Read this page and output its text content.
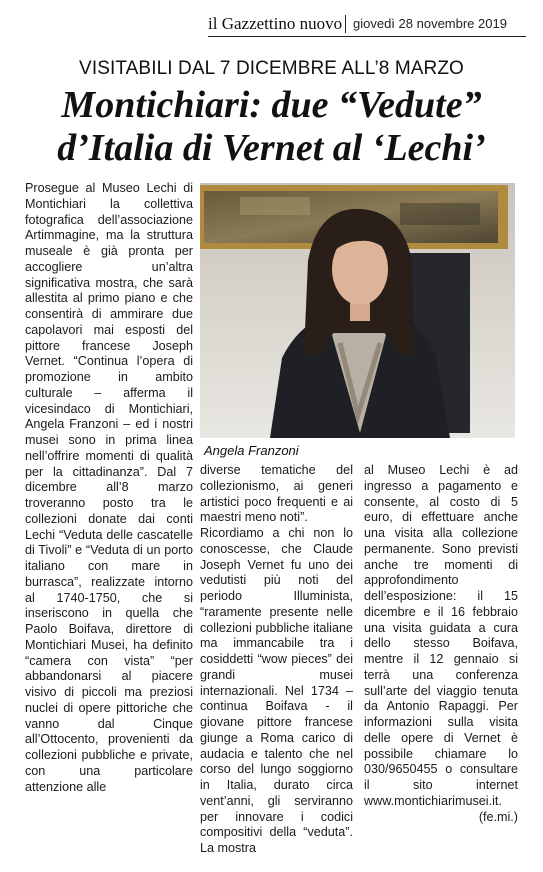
il Gazzettino nuovo giovedì 28 novembre 2019
VISITABILI DAL 7 DICEMBRE ALL’8 MARZO
Montichiari: due “Vedute”
d’Italia di Vernet al ‘Lechi’
Angela Franzoni

Prosegue al Museo Lechi di Montichiari la collettiva fotografica dell’associazione Artimmagine, ma la struttura museale è già pronta per accogliere un’altra significativa mostra, che sarà allestita al primo piano e che consentirà di ammirare due capolavori mai esposti del pittore francese Joseph Vernet. “Continua l’opera di promozione in ambito culturale – afferma il vicesindaco di Montichiari, Angela Franzoni – ed i nostri musei sono in prima linea nell’offrire momenti di qualità per la cittadinanza”. Dal 7 dicembre all’8 marzo troveranno posto tra le collezioni donate dai conti Lechi “Veduta delle cascatelle di Tivoli” e “Veduta di un porto italiano con mare in burrasca”, realizzate intorno al 1740-1750, che si inseriscono in quella che Paolo Boifava, direttore di Montichiari Musei, ha definito “camera con vista” “per abbandonarsi al piacere visivo di piccoli ma preziosi nuclei di opere pittoriche che vanno dal Cinque all’Ottocento, provenienti da collezioni pubbliche e private, con una particolare attenzione alle

diverse tematiche del collezionismo, ai generi artistici poco frequenti e ai maestri meno noti”.

Ricordiamo a chi non lo conoscesse, che Claude Joseph Vernet fu uno dei vedutisti più noti del periodo Illuminista, “raramente presente nelle collezioni pubbliche italiane ma immancabile tra i cosiddetti “wow pieces” dei grandi musei internazionali. Nel 1734 – continua Boifava - il giovane pittore francese giunge a Roma carico di audacia e talento che nel corso del lungo soggiorno in Italia, durato circa vent’anni, gli serviranno per innovare i codici compositivi della “veduta”. La mostra

al Museo Lechi è ad ingresso a pagamento e consente, al costo di 5 euro, di effettuare anche una visita alla collezione permanente. Sono previsti anche tre momenti di approfondimento dell’esposizione: il 15 dicembre e il 16 febbraio una visita guidata a cura dello stesso Boifava, mentre il 12 gennaio si terrà una conferenza sull’arte del viaggio tenuta da Antonio Rapaggi. Per informazioni sulla visita delle opere di Vernet è possibile chiamare lo 030/9650455 o consultare il sito internet www.montichiarimusei.it.

(fe.mi.)
